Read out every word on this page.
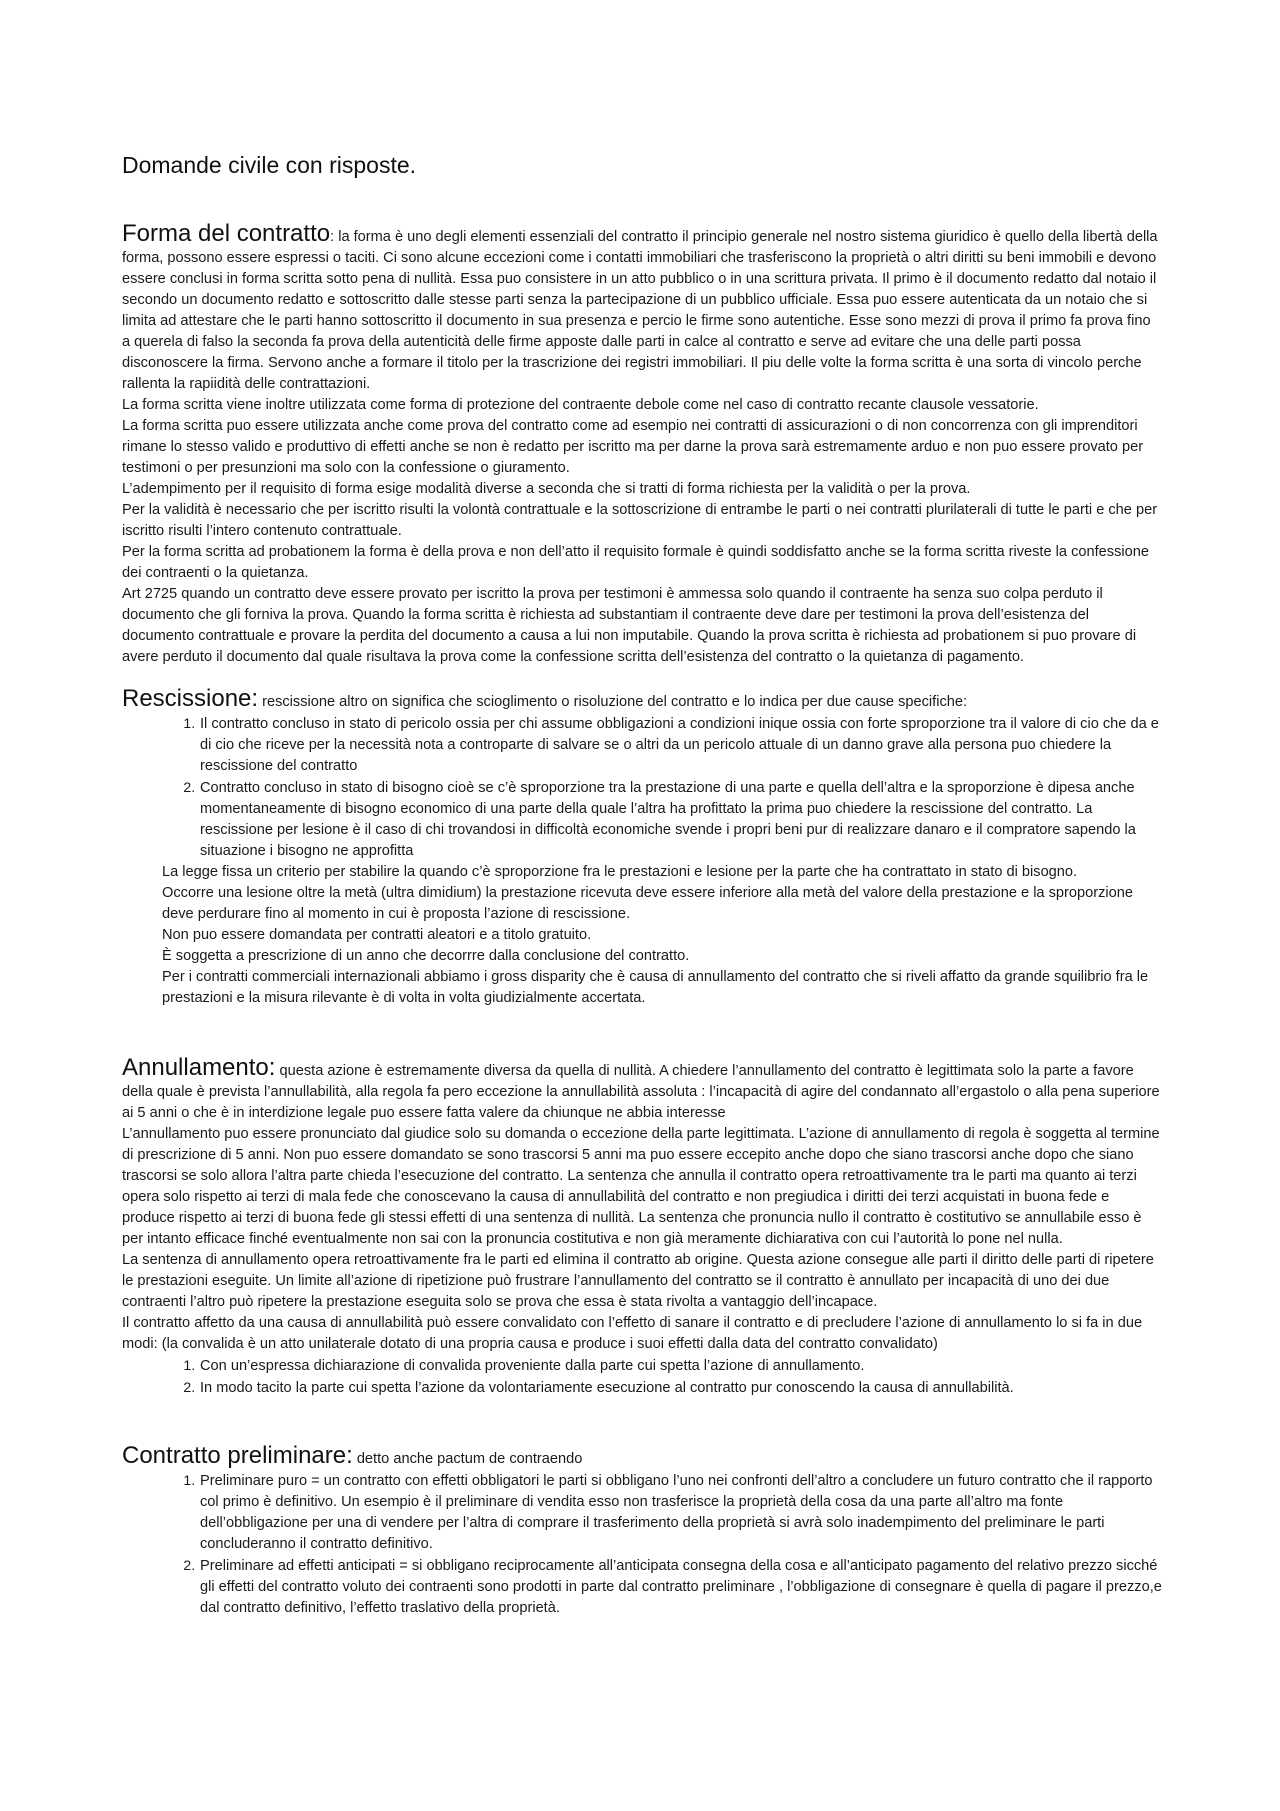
Domande civile con risposte.

Forma del contratto: la forma è uno degli elementi essenziali del contratto il principio generale nel nostro sistema giuridico è quello della libertà della forma, possono essere espressi o taciti. Ci sono alcune eccezioni come i contatti immobiliari che trasferiscono la proprietà o altri diritti su beni immobili e devono essere conclusi in forma scritta sotto pena di nullità. Essa puo consistere in un atto pubblico o in una scrittura privata. Il primo è il documento redatto dal notaio il secondo un documento redatto e sottoscritto dalle stesse parti senza la partecipazione di un pubblico ufficiale. Essa puo essere autenticata da un notaio che si limita ad attestare che le parti hanno sottoscritto il documento in sua presenza e percio le firme sono autentiche. Esse sono mezzi di prova il primo fa prova fino a querela di falso la seconda fa prova della autenticità delle firme apposte dalle parti in calce al contratto e serve ad evitare che una delle parti possa disconoscere la firma. Servono anche a formare il titolo per la trascrizione dei registri immobiliari. Il piu delle volte la forma scritta è una sorta di vincolo perche rallenta la rapiidità delle contrattazioni.

La forma scritta viene inoltre utilizzata come forma di protezione del contraente debole come nel caso di contratto recante clausole vessatorie.

La forma scritta puo essere utilizzata anche come prova del contratto come ad esempio nei contratti di assicurazioni o di non concorrenza con gli imprenditori rimane lo stesso valido e produttivo di effetti anche se non è redatto per iscritto ma per darne la prova sarà estremamente arduo e non puo essere provato per testimoni o per presunzioni ma solo con la confessione o giuramento.

L’adempimento per il requisito di forma esige modalità diverse a seconda che si tratti di forma richiesta per la validità o per la prova.

Per la validità è necessario che per iscritto risulti la volontà contrattuale e la sottoscrizione di entrambe le parti o nei contratti plurilaterali di tutte le parti e che per iscritto risulti l’intero contenuto contrattuale.

Per la forma scritta ad probationem la forma è della prova e non dell’atto il requisito formale è quindi soddisfatto anche se la forma scritta riveste la confessione dei contraenti o la quietanza.

Art 2725 quando un contratto deve essere provato per iscritto la prova per testimoni è ammessa solo quando il contraente ha senza suo colpa perduto il documento che gli forniva la prova. Quando la forma scritta è richiesta ad substantiam il contraente deve dare per testimoni la prova dell’esistenza del documento contrattuale e provare la perdita del documento a causa a lui non imputabile. Quando la prova scritta è richiesta ad probationem si puo provare di avere perduto il documento dal quale risultava la prova come la confessione scritta dell’esistenza del contratto o la quietanza di pagamento.

Rescissione: rescissione altro on significa che scioglimento o risoluzione del contratto e lo indica per due cause specifiche:

1. Il contratto concluso in stato di pericolo ossia per chi assume obbligazioni a condizioni inique ossia con forte sproporzione tra il valore di cio che da e di cio che riceve per la necessità nota a controparte di salvare se o altri da un pericolo attuale di un danno grave alla persona puo chiedere la rescissione del contratto
2. Contratto concluso in stato di bisogno cioè se c’è sproporzione tra la prestazione di una parte e quella dell’altra e la sproporzione è dipesa anche momentaneamente di bisogno economico di una parte della quale l’altra ha profittato la prima puo chiedere la rescissione del contratto. La rescissione per lesione è il caso di chi trovandosi in difficoltà economiche svende i propri beni pur di realizzare danaro e il compratore sapendo la situazione i bisogno ne approfitta

La legge fissa un criterio per stabilire la quando c’è sproporzione fra le prestazioni e lesione per la parte che ha contrattato in stato di bisogno.

Occorre una lesione oltre la metà (ultra dimidium) la prestazione ricevuta deve essere inferiore alla metà del valore della prestazione e la sproporzione deve perdurare fino al momento in cui è proposta l’azione di rescissione.

Non puo essere domandata per contratti aleatori e a titolo gratuito.

È soggetta a prescrizione di un anno che decorrre dalla conclusione del contratto.

Per i contratti commerciali internazionali abbiamo i gross disparity che è causa di annullamento del contratto che si riveli affatto da grande squilibrio fra le prestazioni e la misura rilevante è di volta in volta giudizialmente accertata.

Annullamento: questa azione è estremamente diversa da quella di nullità. A chiedere l’annullamento del contratto è legittimata solo la parte a favore della quale è prevista l’annullabilità, alla regola fa pero eccezione la annullabilità assoluta : l’incapacità di agire del condannato all’ergastolo o alla pena superiore ai 5 anni o che è in interdizione legale puo essere fatta valere da chiunque ne abbia interesse

L’annullamento puo essere pronunciato dal giudice solo su domanda o eccezione della parte legittimata. L’azione di annullamento di regola è soggetta al termine di prescrizione di 5 anni. Non puo essere domandato se sono trascorsi 5 anni ma puo essere eccepito anche dopo che siano trascorsi anche dopo che siano trascorsi se solo allora l’altra parte chieda l’esecuzione del contratto. La sentenza che annulla il contratto opera retroattivamente tra le parti ma quanto ai terzi opera solo rispetto ai terzi di mala fede che conoscevano la causa di annullabilità del contratto e non pregiudica i diritti dei terzi acquistati in buona fede e produce rispetto ai terzi di buona fede gli stessi effetti di una sentenza di nullità. La sentenza che pronuncia nullo il contratto è costitutivo se annullabile esso è per intanto efficace finché eventualmente non sai con la pronuncia costitutiva e non già meramente dichiarativa con cui l’autorità lo pone nel nulla.

La sentenza di annullamento opera retroattivamente fra le parti ed elimina il contratto ab origine. Questa azione consegue alle parti il diritto delle parti di ripetere le prestazioni eseguite. Un limite all’azione di ripetizione può frustrare l’annullamento del contratto se il contratto è annullato per incapacità di uno dei due contraenti l’altro può ripetere la prestazione eseguita solo se prova che essa è stata rivolta a vantaggio dell’incapace.

Il contratto affetto da una causa di annullabilità può essere convalidato con l’effetto di sanare il contratto e di precludere l’azione di annullamento lo si fa in due modi: (la convalida è un atto unilaterale dotato di una propria causa e produce i suoi effetti dalla data del contratto convalidato)

1. Con un’espressa dichiarazione di convalida proveniente dalla parte cui spetta l’azione di annullamento.
2. In modo tacito la parte cui spetta l’azione da volontariamente esecuzione al contratto pur conoscendo la causa di annullabilità.

Contratto preliminare: detto anche pactum de contraendo

1. Preliminare puro = un contratto con effetti obbligatori le parti si obbligano l’uno nei confronti dell’altro a concludere un futuro contratto che il rapporto col primo è definitivo. Un esempio è il preliminare di vendita esso non trasferisce la proprietà della cosa da una parte all’altro ma fonte dell’obbligazione per una di vendere per l’altra di comprare il trasferimento della proprietà si avrà solo inadempimento del preliminare le parti concluderanno il contratto definitivo.
2. Preliminare ad effetti anticipati = si obbligano reciprocamente all’anticipata consegna della cosa e all’anticipato pagamento del relativo prezzo sicché gli effetti del contratto voluto dei contraenti sono prodotti in parte dal contratto preliminare , l’obbligazione di consegnare è quella di pagare il prezzo,e dal contratto definitivo, l’effetto traslativo della proprietà.
